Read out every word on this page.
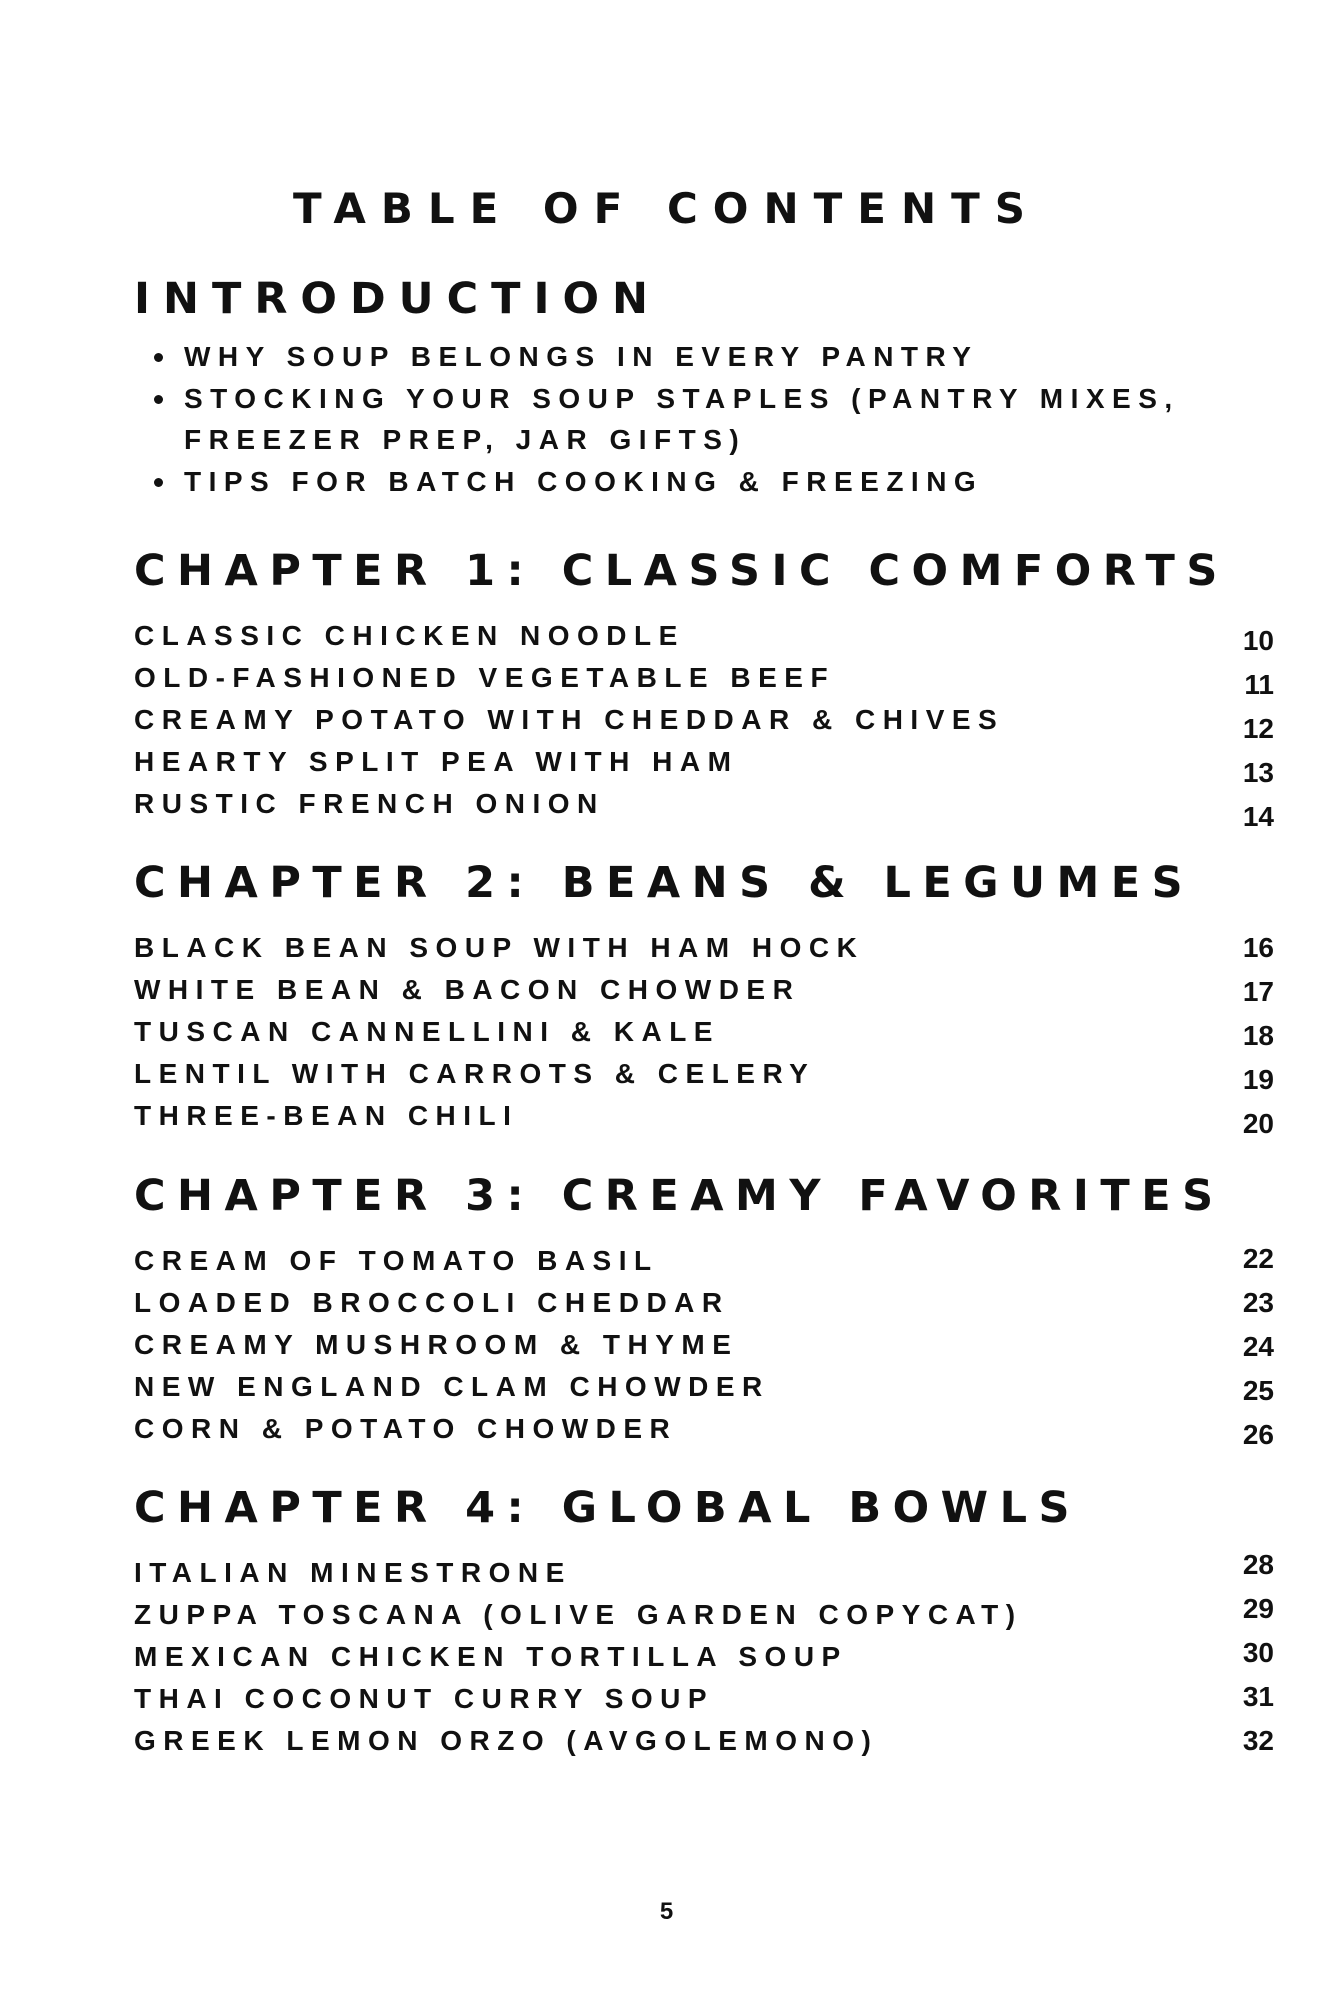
TABLE OF CONTENTS
INTRODUCTION
WHY SOUP BELONGS IN EVERY PANTRY
STOCKING YOUR SOUP STAPLES (PANTRY MIXES, FREEZER PREP, JAR GIFTS)
TIPS FOR BATCH COOKING & FREEZING
CHAPTER 1: CLASSIC COMFORTS
CLASSIC CHICKEN NOODLE	10
OLD-FASHIONED VEGETABLE BEEF	11
CREAMY POTATO WITH CHEDDAR & CHIVES	12
HEARTY SPLIT PEA WITH HAM	13
RUSTIC FRENCH ONION	14
CHAPTER 2: BEANS & LEGUMES
BLACK BEAN SOUP WITH HAM HOCK	16
WHITE BEAN & BACON CHOWDER	17
TUSCAN CANNELLINI & KALE	18
LENTIL WITH CARROTS & CELERY	19
THREE-BEAN CHILI	20
CHAPTER 3: CREAMY FAVORITES
CREAM OF TOMATO BASIL	22
LOADED BROCCOLI CHEDDAR	23
CREAMY MUSHROOM & THYME	24
NEW ENGLAND CLAM CHOWDER	25
CORN & POTATO CHOWDER	26
CHAPTER 4: GLOBAL BOWLS
ITALIAN MINESTRONE	28
ZUPPA TOSCANA (OLIVE GARDEN COPYCAT)	29
MEXICAN CHICKEN TORTILLA SOUP	30
THAI COCONUT CURRY SOUP	31
GREEK LEMON ORZO (AVGOLEMONO)	32
5
